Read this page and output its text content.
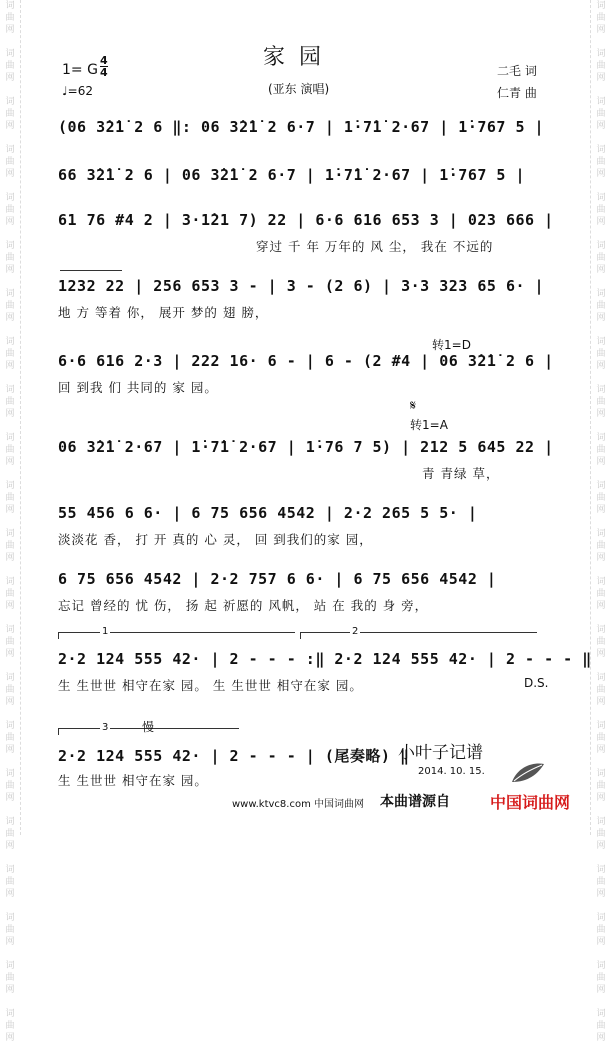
词
曲
网

词
曲
网

词
曲
网

词
曲
网

词
曲
网

词
曲
网

词
曲
网

词
曲
网

词
曲
网

词
曲
网

词
曲
网

词
曲
网

词
曲
网

词
曲
网

词
曲
网

词
曲
网

词
曲
网

词
曲
网

词
曲
网

词
曲
网

词
曲
网

词
曲
网

词
曲
网

词
曲
网

词
曲
网

词
曲
网

词
曲
网

词
曲
网

词
曲
网

词
曲
网

词
曲
网

词
曲
网

词
曲
网

词
曲
网

词
曲
网

词
曲
网

词
曲
网

词
曲
网

词
曲
网

词
曲
网

词
曲
网

词
曲
网

词
曲
网

词
曲
网

家园
1= G
4
4
♩=62	(亚东 演唱)
二毛 词
仁青 曲
(06 3̇2̇1̇ 2 6 ‖: 06 3̇2̇1̇ 2 6·7 | 1̇·7̇1̇ 2·67 | 1̇·767 5 |
66 3̇2̇1̇ 2 6 | 06 3̇2̇1̇ 2 6·7 | 1̇·7̇1̇ 2·67 | 1̇·767 5 |
61 76 #4 2 | 3·1̇21 7) 22 | 6·6 616 653 3 | 023 666 |
穿过 千 年 万年的 风 尘， 我在 不远的
1232 22 | 256 653 3 - | 3 - (2 6) | 3·3 323 65 6· |
地 方 等着 你， 展开 梦的 翅 膀，
转1=D
6·6 616 2·3 | 222 16· 6 - | 6 - (2 #4 | 06 3̇2̇1̇ 2 6 |
回 到我 们 共同的 家 园。
𝄋
转1=A
06 3̇2̇1̇ 2·67 | 1̇·7̇1̇ 2·67 | 1̇·76 7 5) | 212 5 645 22 |
青 青绿 草，
55 456 6 6· | 6 75 656 4542 | 2·2 265 5 5· |
淡淡花 香， 打 开 真的 心 灵， 回 到我们的家 园，
6 75 656 4542 | 2·2 757 6 6· | 6 75 656 4542 |
忘记 曾经的 忧 伤， 扬 起 祈愿的 风帆， 站 在 我的 身 旁，
1	2
2·2 124 555 42· | 2 - - - :‖ 2·2 124 555 42· | 2 - - - ‖
生 生世世 相守在家 园。 生 生世世 相守在家 园。	D.S.
3	慢
2·2 124 555 42· | 2 - - - | (尾奏略) ‖
生 生世世 相守在家 园。
小叶子记谱
2014. 10. 15.
www.ktvc8.com 中国词曲网 本曲谱源自	中国词曲网
